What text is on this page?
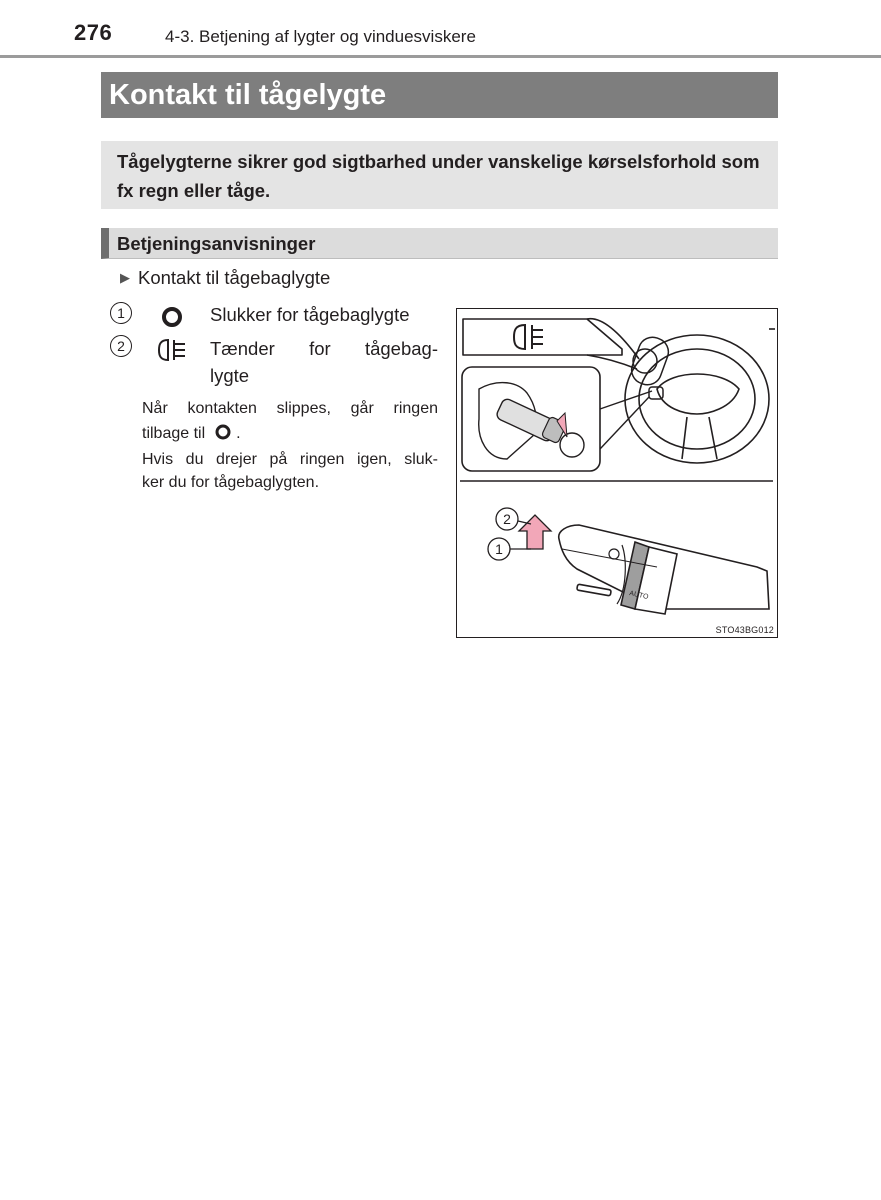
276	4-3. Betjening af lygter og vinduesviskere
Kontakt til tågelygte
Tågelygterne sikrer god sigtbarhed under vanskelige kørselsforhold som fx regn eller tåge.
Betjeningsanvisninger
▶ Kontakt til tågebaglygte
1	Slukker for tågebaglygte
2	Tænder for tågebag-
lygte
Når kontakten slippes, går ringen
tilbage til .
Hvis du drejer på ringen igen, sluk-
ker du for tågebaglygten.
AUTO
2
1
STO43BG012
